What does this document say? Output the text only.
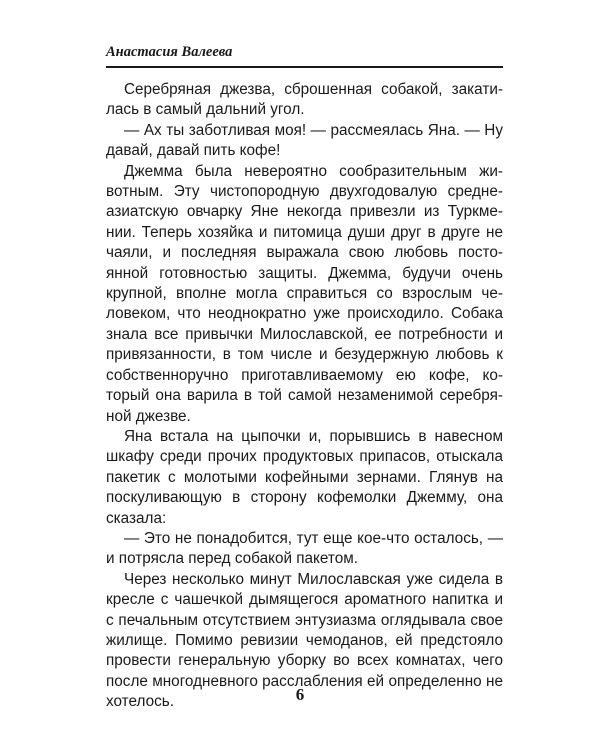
Анастасия Валеева

Серебряная джезва, сброшенная собакой, закатилась в самый дальний угол.

— Ах ты заботливая моя! — рассмеялась Яна. — Ну давай, давай пить кофе!

Джемма была невероятно сообразительным животным. Эту чистопородную двухгодовалую среднеазиатскую овчарку Яне некогда привезли из Туркмении. Теперь хозяйка и питомица души друг в друге не чаяли, и последняя выражала свою любовь постоянной готовностью защиты. Джемма, будучи очень крупной, вполне могла справиться со взрослым человеком, что неоднократно уже происходило. Собака знала все привычки Милославской, ее потребности и привязанности, в том числе и безудержную любовь к собственноручно приготавливаемому ею кофе, который она варила в той самой незаменимой серебряной джезве.

Яна встала на цыпочки и, порывшись в навесном шкафу среди прочих продуктовых припасов, отыскала пакетик с молотыми кофейными зернами. Глянув на поскуливающую в сторону кофемолки Джемму, она сказала:

— Это не понадобится, тут еще кое-что осталось, — и потрясла перед собакой пакетом.

Через несколько минут Милославская уже сидела в кресле с чашечкой дымящегося ароматного напитка и с печальным отсутствием энтузиазма оглядывала свое жилище. Помимо ревизии чемоданов, ей предстояло провести генеральную уборку во всех комнатах, чего после многодневного расслабления ей определенно не хотелось.	6
